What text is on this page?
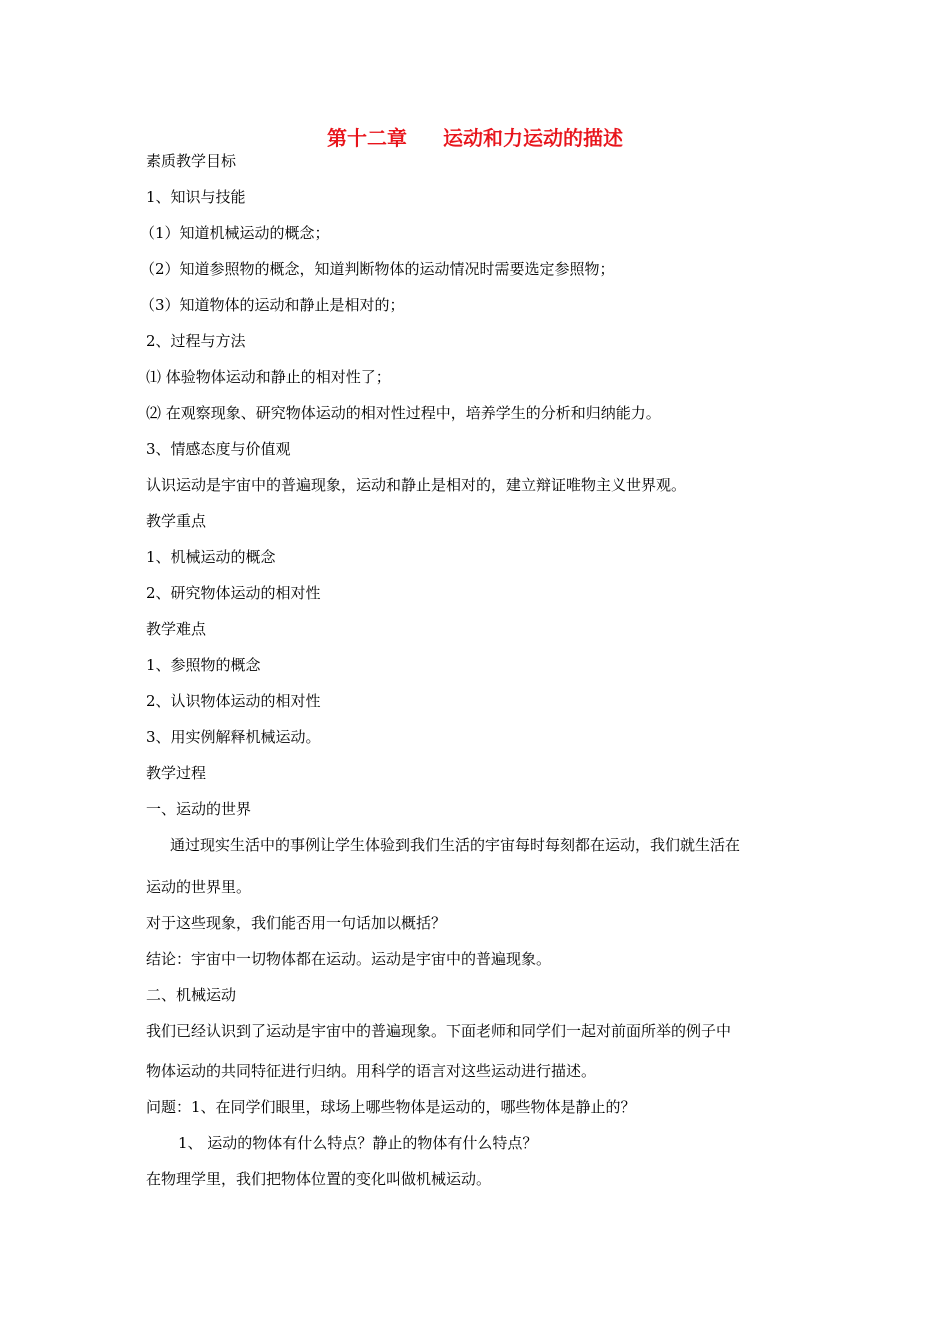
第十二章 运动和力运动的描述

素质教学目标

1、知识与技能

（1）知道机械运动的概念；

（2）知道参照物的概念，知道判断物体的运动情况时需要选定参照物；

（3）知道物体的运动和静止是相对的；

2、过程与方法

⑴ 体验物体运动和静止的相对性了；

⑵ 在观察现象、研究物体运动的相对性过程中，培养学生的分析和归纳能力。

3、情感态度与价值观

认识运动是宇宙中的普遍现象，运动和静止是相对的，建立辩证唯物主义世界观。

教学重点

1、机械运动的概念

2、研究物体运动的相对性

教学难点

1、参照物的概念

2、认识物体运动的相对性

3、用实例解释机械运动。

教学过程

一、运动的世界

通过现实生活中的事例让学生体验到我们生活的宇宙每时每刻都在运动，我们就生活在

运动的世界里。

对于这些现象，我们能否用一句话加以概括？

结论：宇宙中一切物体都在运动。运动是宇宙中的普遍现象。

二、机械运动

我们已经认识到了运动是宇宙中的普遍现象。下面老师和同学们一起对前面所举的例子中

物体运动的共同特征进行归纳。用科学的语言对这些运动进行描述。

问题：1、在同学们眼里，球场上哪些物体是运动的，哪些物体是静止的？

1、 运动的物体有什么特点？静止的物体有什么特点？

在物理学里，我们把物体位置的变化叫做机械运动。
